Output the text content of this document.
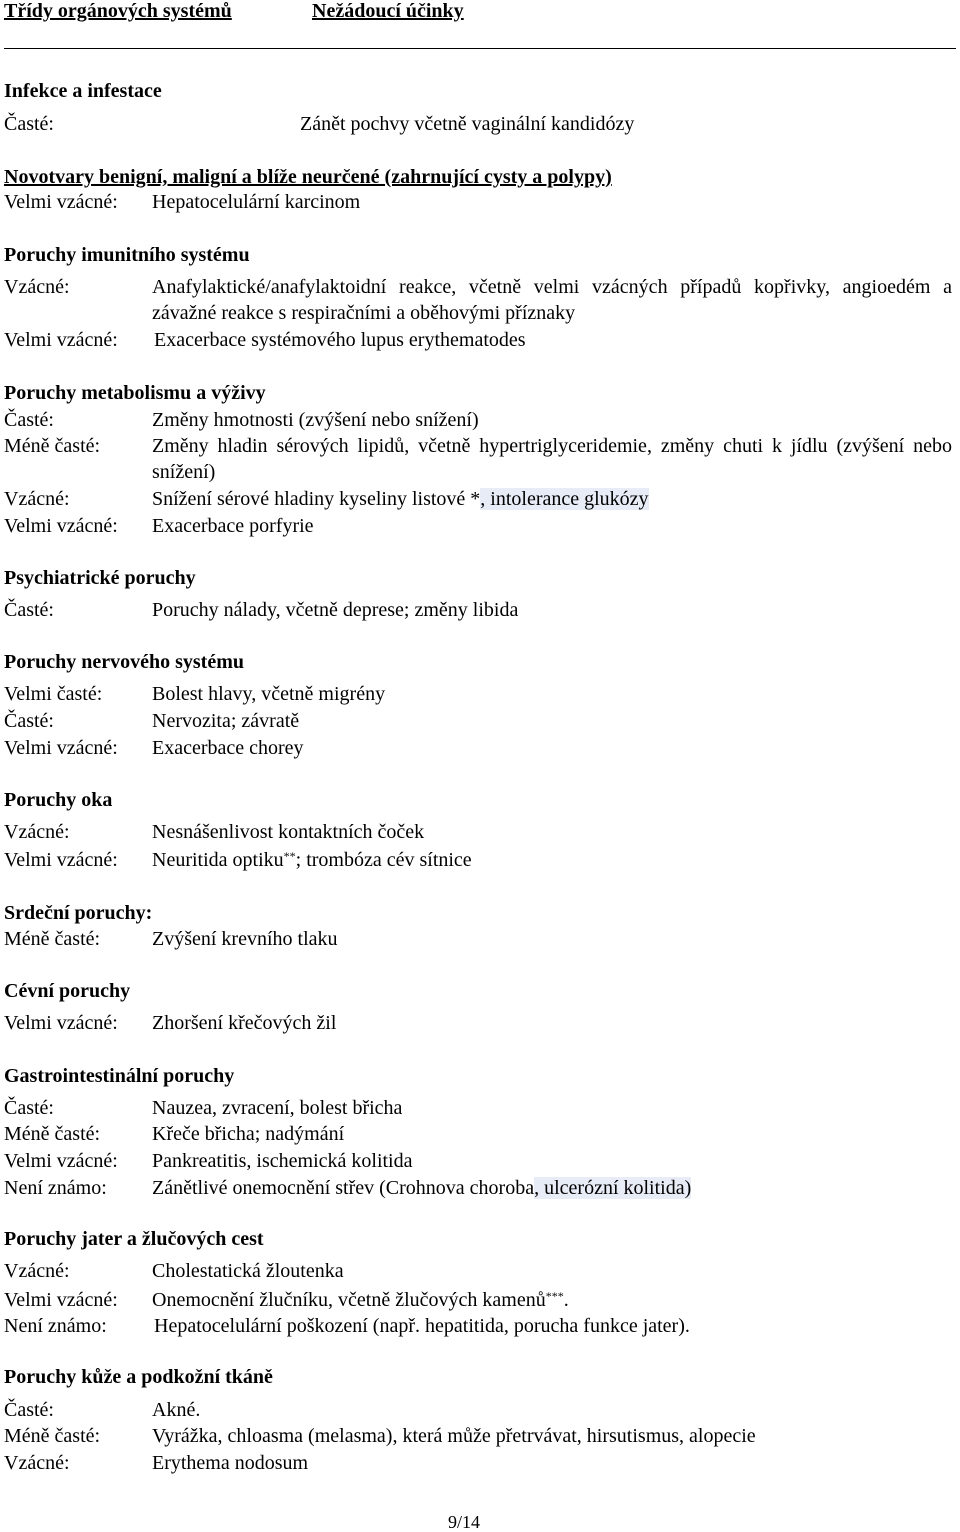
Třídy orgánových systémů	Nežádoucí účinky
Infekce a infestace
Časté:	Zánět pochvy včetně vaginální kandidózy
Novotvary benigní, maligní a blíže neurčené (zahrnující cysty a polypy)
Velmi vzácné: Hepatocelulární karcinom
Poruchy imunitního systému
Vzácné:	Anafylaktické/anafylaktoidní reakce, včetně velmi vzácných případů kopřivky, angioedém a závažné reakce s respiračními a oběhovými příznaky
Velmi vzácné: Exacerbace systémového lupus erythematodes
Poruchy metabolismu a výživy
Časté:	Změny hmotnosti (zvýšení nebo snížení)
Méně časté:	Změny hladin sérových lipidů, včetně hypertriglyceridemie, změny chuti k jídlu (zvýšení nebo snížení)
Vzácné:	Snížení sérové hladiny kyseliny listové *, intolerance glukózy
Velmi vzácné: Exacerbace porfyrie
Psychiatrické poruchy
Časté:	Poruchy nálady, včetně deprese; změny libida
Poruchy nervového systému
Velmi časté: Bolest hlavy, včetně migrény
Časté:	Nervozita; závratě
Velmi vzácné: Exacerbace chorey
Poruchy oka
Vzácné:	Nesnášenlivost kontaktních čoček
Velmi vzácné: Neuritida optiku**; trombóza cév sítnice
Srdeční poruchy:
Méně časté:	Zvýšení krevního tlaku
Cévní poruchy
Velmi vzácné: Zhoršení křečových žil
Gastrointestinální poruchy
Časté:	Nauzea, zvracení, bolest břicha
Méně časté:	Křeče břicha; nadýmání
Velmi vzácné: Pankreatitis, ischemická kolitida
Není známo: Zánětlivé onemocnění střev (Crohnova choroba, ulcerózní kolitida)
Poruchy jater a žlučových cest
Vzácné:	Cholestatická žloutenka
Velmi vzácné: Onemocnění žlučníku, včetně žlučových kamenů***.
Není známo: Hepatocelulární poškození (např. hepatitida, porucha funkce jater).
Poruchy kůže a podkožní tkáně
Časté:	Akné.
Méně časté:	Vyrážka, chloasma (melasma), která může přetrvávat, hirsutismus, alopecie
Vzácné:	Erythema nodosum
9/14
